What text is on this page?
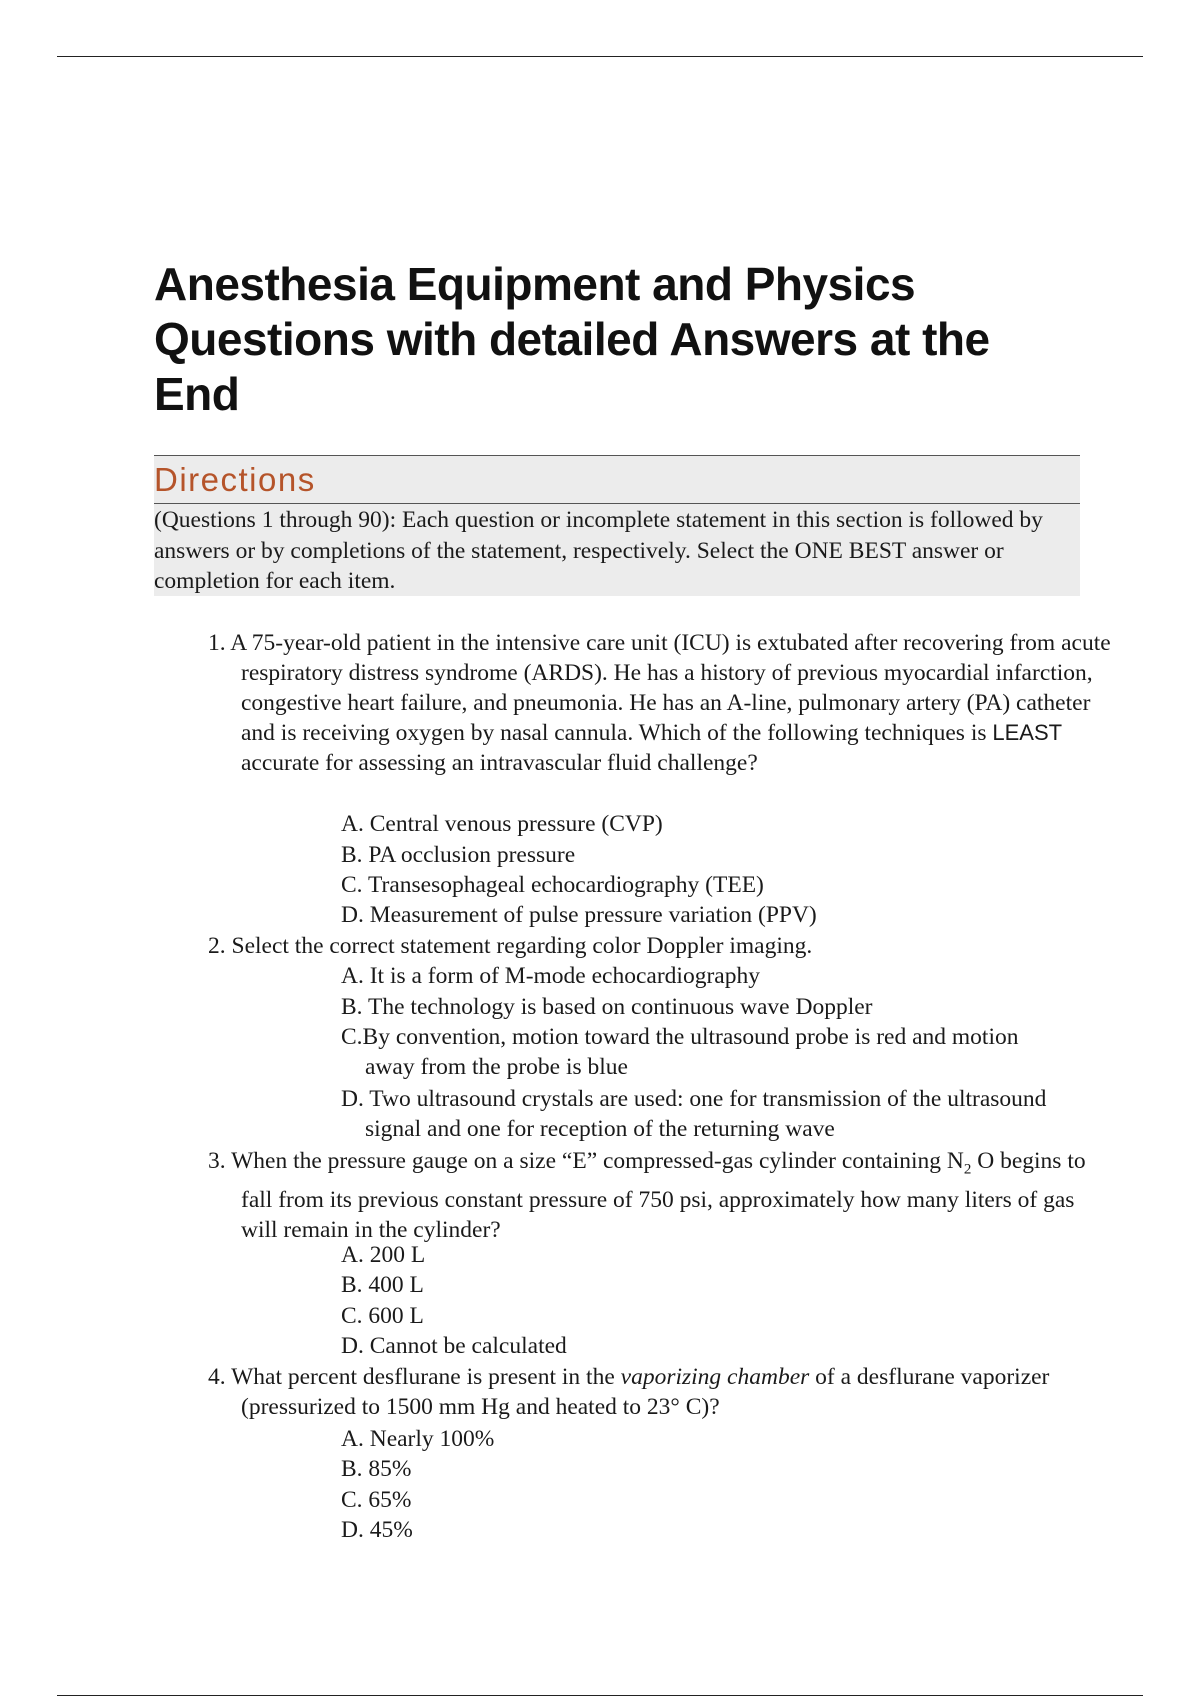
Anesthesia Equipment and Physics Questions with detailed Answers at the End
Directions

(Questions 1 through 90): Each question or incomplete statement in this section is followed by answers or by completions of the statement, respectively. Select the ONE BEST answer or completion for each item.

1. A 75-year-old patient in the intensive care unit (ICU) is extubated after recovering from acute respiratory distress syndrome (ARDS). He has a history of previous myocardial infarction, congestive heart failure, and pneumonia. He has an A-line, pulmonary artery (PA) catheter and is receiving oxygen by nasal cannula. Which of the following techniques is LEAST accurate for assessing an intravascular fluid challenge?

A. Central venous pressure (CVP)

B. PA occlusion pressure

C. Transesophageal echocardiography (TEE)

D. Measurement of pulse pressure variation (PPV)

2. Select the correct statement regarding color Doppler imaging.

A. It is a form of M-mode echocardiography

B. The technology is based on continuous wave Doppler

C.By convention, motion toward the ultrasound probe is red and motion away from the probe is blue

D. Two ultrasound crystals are used: one for transmission of the ultrasound signal and one for reception of the returning wave

3. When the pressure gauge on a size “E” compressed-gas cylinder containing $N_2$ O begins to fall from its previous constant pressure of 750 psi, approximately how many liters of gas will remain in the cylinder?

A. 200 L

B. 400 L

C. 600 L

D. Cannot be calculated

4. What percent desflurane is present in the vaporizing chamber of a desflurane vaporizer (pressurized to 1500 mm Hg and heated to 23° C)?

A. Nearly 100%

B. 85%

C. 65%

D. 45%
